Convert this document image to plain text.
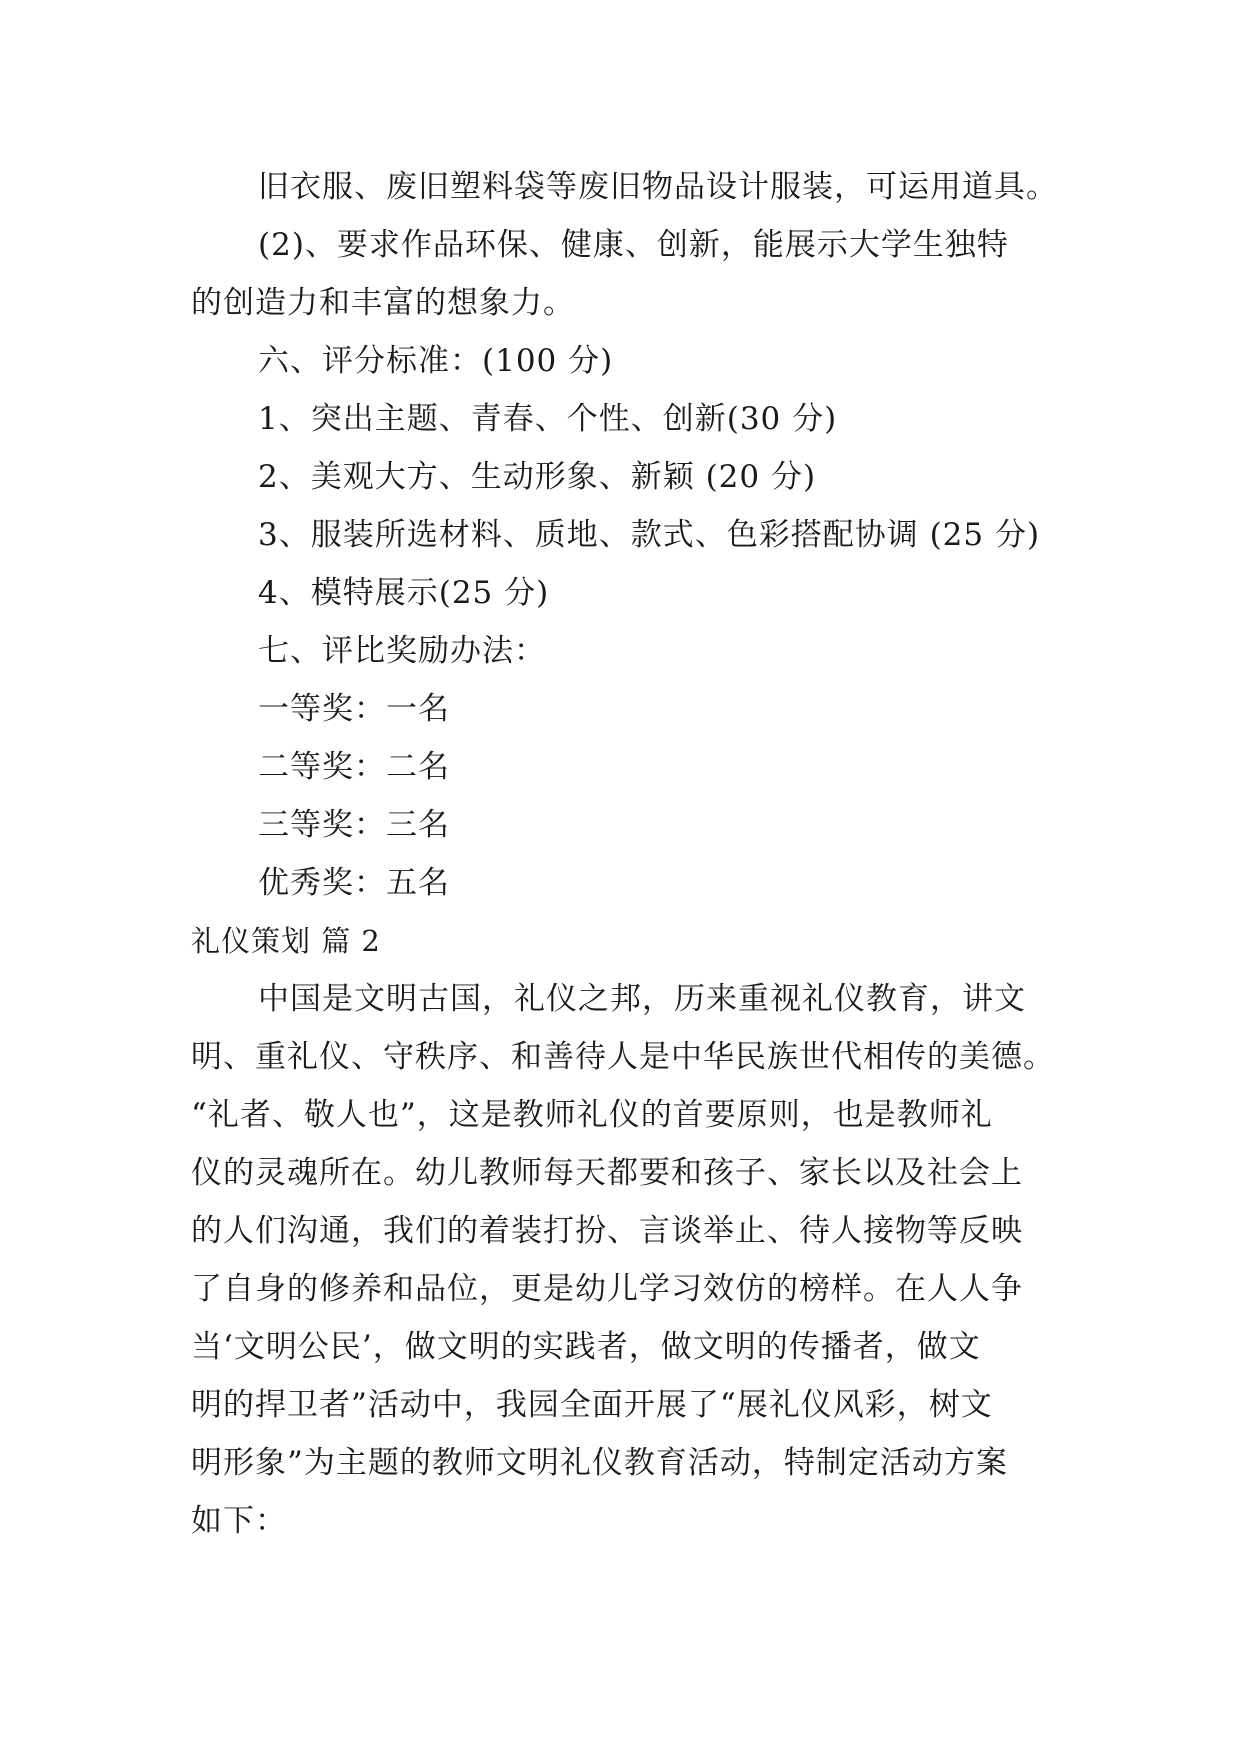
旧衣服、废旧塑料袋等废旧物品设计服装，可运用道具。
(2)、要求作品环保、健康、创新，能展示大学生独特
的创造力和丰富的想象力。
六、评分标准：(100 分)
1、突出主题、青春、个性、创新(30 分)
2、美观大方、生动形象、新颖 (20 分)
3、服装所选材料、质地、款式、色彩搭配协调 (25 分)
4、模特展示(25 分)
七、评比奖励办法：
一等奖：一名
二等奖：二名
三等奖：三名
优秀奖：五名
礼仪策划 篇 2
中国是文明古国，礼仪之邦，历来重视礼仪教育，讲文
明、重礼仪、守秩序、和善待人是中华民族世代相传的美德。
“礼者、敬人也”，这是教师礼仪的首要原则，也是教师礼
仪的灵魂所在。幼儿教师每天都要和孩子、家长以及社会上
的人们沟通，我们的着装打扮、言谈举止、待人接物等反映
了自身的修养和品位，更是幼儿学习效仿的榜样。在人人争
当‘文明公民’，做文明的实践者，做文明的传播者，做文
明的捍卫者”活动中，我园全面开展了“展礼仪风彩，树文
明形象”为主题的教师文明礼仪教育活动，特制定活动方案
如下：
